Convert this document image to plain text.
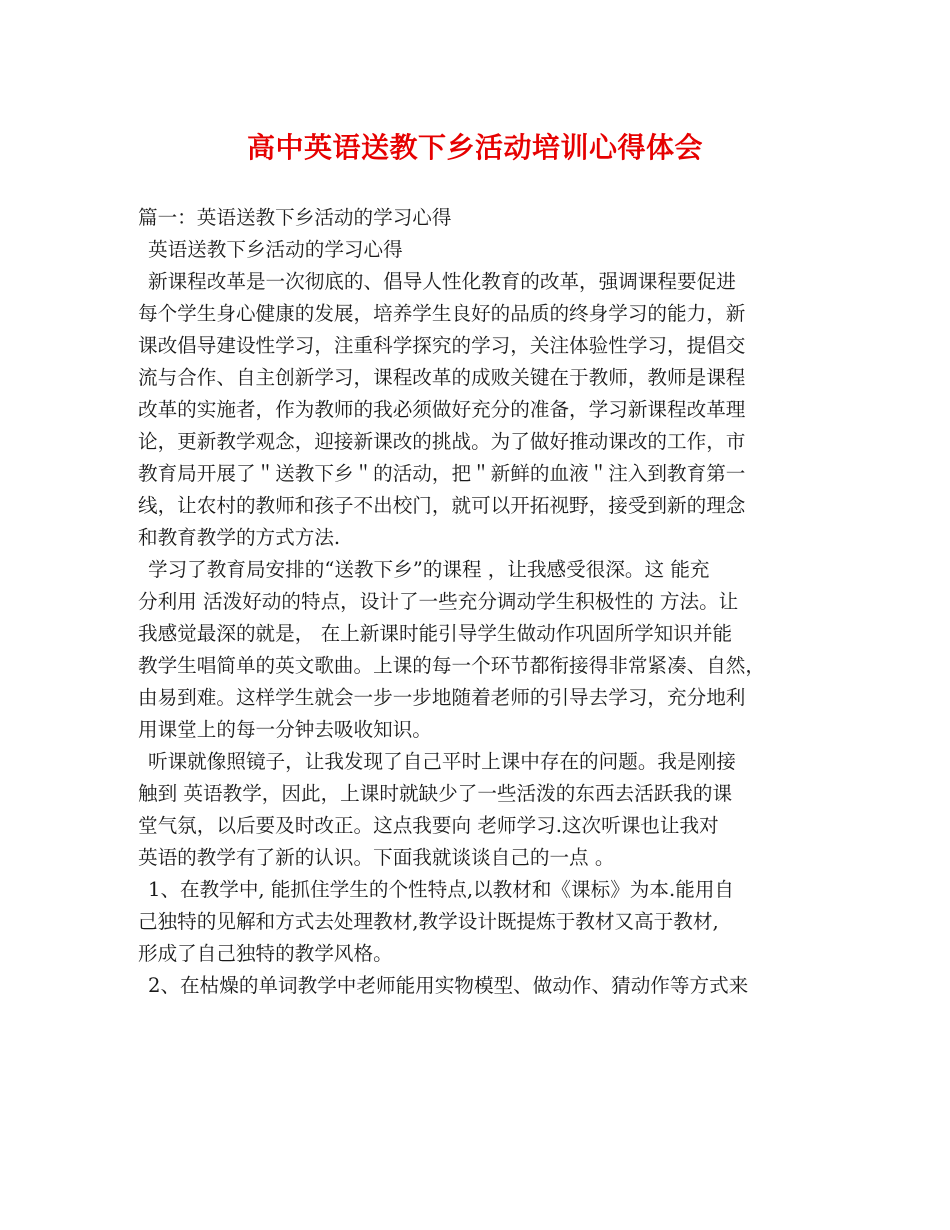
高中英语送教下乡活动培训心得体会
篇一：英语送教下乡活动的学习心得
英语送教下乡活动的学习心得
新课程改革是一次彻底的、倡导人性化教育的改革，强调课程要促进
每个学生身心健康的发展，培养学生良好的品质的终身学习的能力，新
课改倡导建设性学习，注重科学探究的学习，关注体验性学习，提倡交
流与合作、自主创新学习，课程改革的成败关键在于教师，教师是课程
改革的实施者，作为教师的我必须做好充分的准备，学习新课程改革理
论，更新教学观念，迎接新课改的挑战。为了做好推动课改的工作，市
教育局开展了＂送教下乡＂的活动，把＂新鲜的血液＂注入到教育第一
线，让农村的教师和孩子不出校门，就可以开拓视野，接受到新的理念
和教育教学的方式方法.
学习了教育局安排的“送教下乡”的课程 ，让我感受很深。这 能充
分利用 活泼好动的特点，设计了一些充分调动学生积极性的 方法。让
我感觉最深的就是， 在上新课时能引导学生做动作巩固所学知识并能
教学生唱简单的英文歌曲。上课的每一个环节都衔接得非常紧凑、自然，
由易到难。这样学生就会一步一步地随着老师的引导去学习，充分地利
用课堂上的每一分钟去吸收知识。
听课就像照镜子，让我发现了自己平时上课中存在的问题。我是刚接
触到 英语教学，因此，上课时就缺少了一些活泼的东西去活跃我的课
堂气氛，以后要及时改正。这点我要向 老师学习.这次听课也让我对
英语的教学有了新的认识。下面我就谈谈自己的一点 。
1、在教学中, 能抓住学生的个性特点,以教材和《课标》为本.能用自
己独特的见解和方式去处理教材,教学设计既提炼于教材又高于教材,
形成了自己独特的教学风格。
2、在枯燥的单词教学中老师能用实物模型、做动作、猜动作等方式来
